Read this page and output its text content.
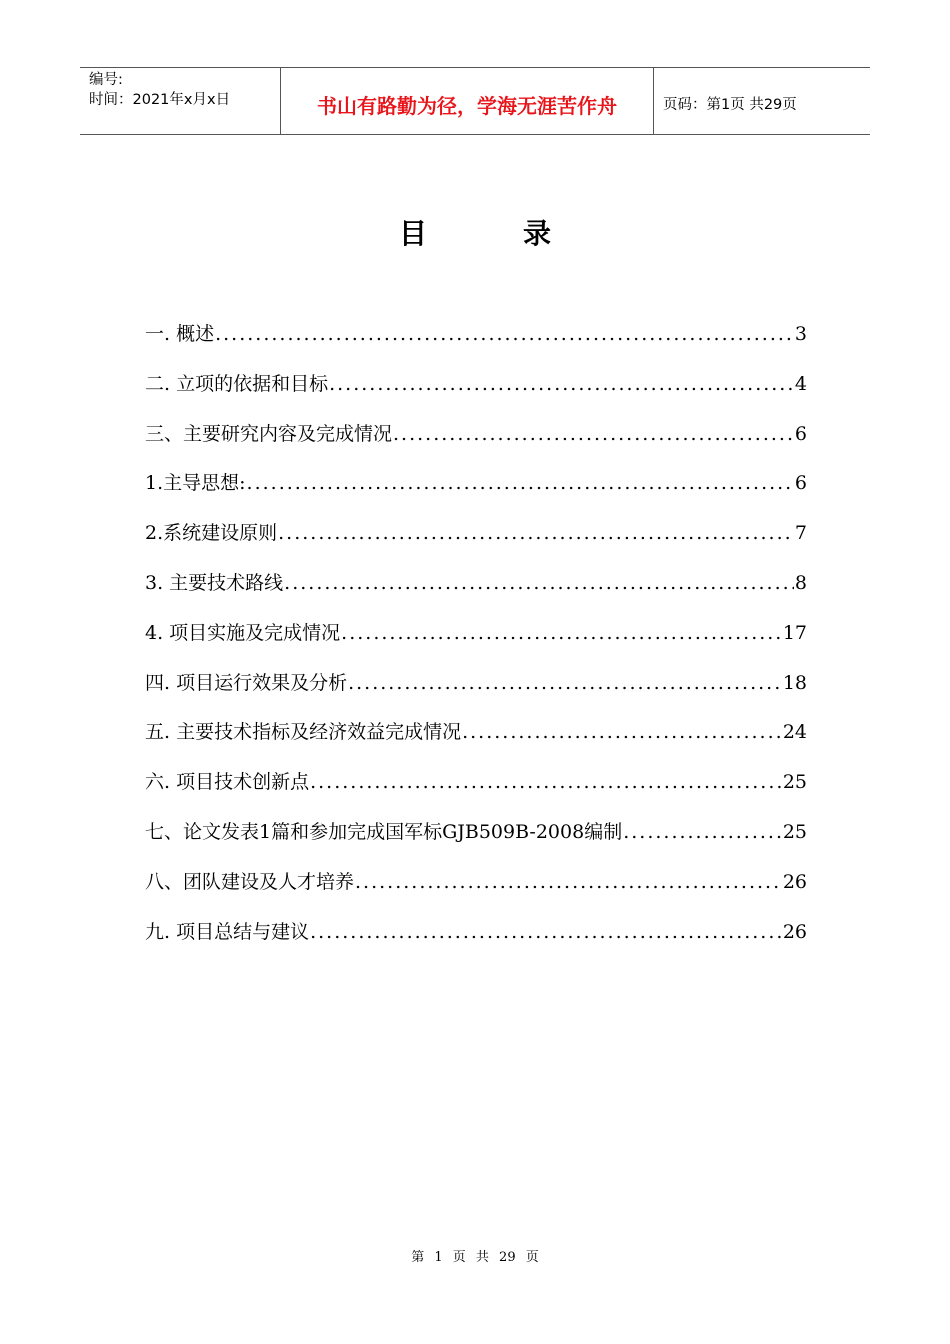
编号:
时间：2021年x月x日	书山有路勤为径，学海无涯苦作舟	页码：第1页 共29页
目录
一. 概述 .....	3
二. 立项的依据和目标 .....	4
三、主要研究内容及完成情况 .....	6
1.主导思想: .....	6
2.系统建设原则 .....	7
3. 主要技术路线 .....	8
4. 项目实施及完成情况 .....	17
四. 项目运行效果及分析 .....	18
五. 主要技术指标及经济效益完成情况 .....	24
六. 项目技术创新点 .....	25
七、论文发表1篇和参加完成国军标GJB509B-2008编制 .....	25
八、团队建设及人才培养 .....	26
九. 项目总结与建议 .....	26
第 1 页 共 29 页
